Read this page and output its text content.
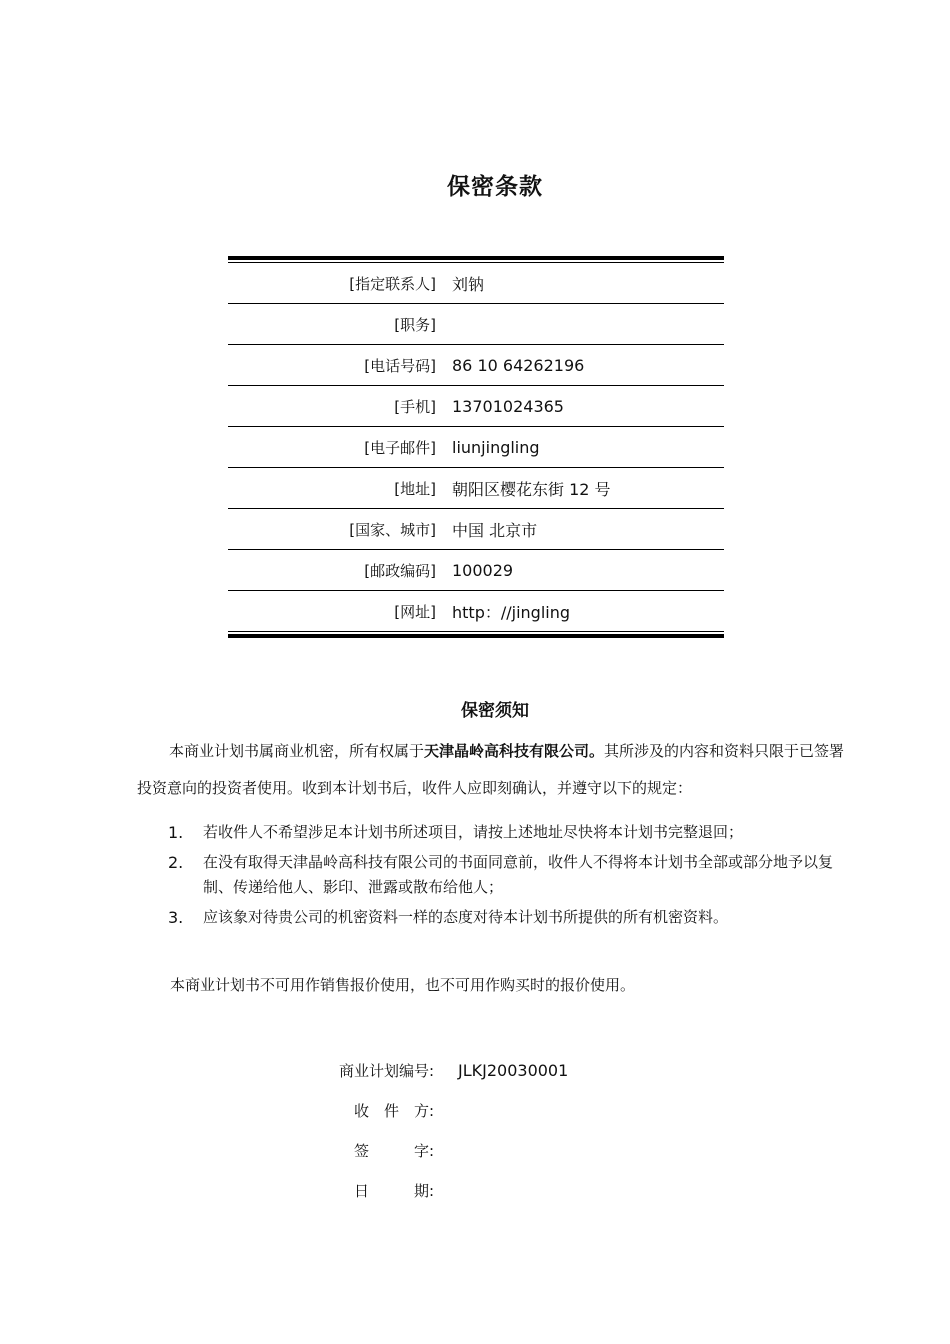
保密条款
[指定联系人]	刘钠
[职务]
[电话号码]	86 10 64262196
[手机]	13701024365
[电子邮件]	liunjingling
[地址]	朝阳区樱花东街 12 号
[国家、城市]	中国 北京市
[邮政编码]	100029
[网址]	http：//jingling
保密须知

本商业计划书属商业机密，所有权属于天津晶岭高科技有限公司。其所涉及的内容和资料只限于已签署投资意向的投资者使用。收到本计划书后，收件人应即刻确认，并遵守以下的规定：

1.	若收件人不希望涉足本计划书所述项目，请按上述地址尽快将本计划书完整退回；
2.	在没有取得天津晶岭高科技有限公司的书面同意前，收件人不得将本计划书全部或部分地予以复制、传递给他人、影印、泄露或散布给他人；
3.	应该象对待贵公司的机密资料一样的态度对待本计划书所提供的所有机密资料。
本商业计划书不可用作销售报价使用，也不可用作购买时的报价使用。
商业计划编号:	JLKJ20030001
收　件　方:
签　　　字:
日　　　期:
